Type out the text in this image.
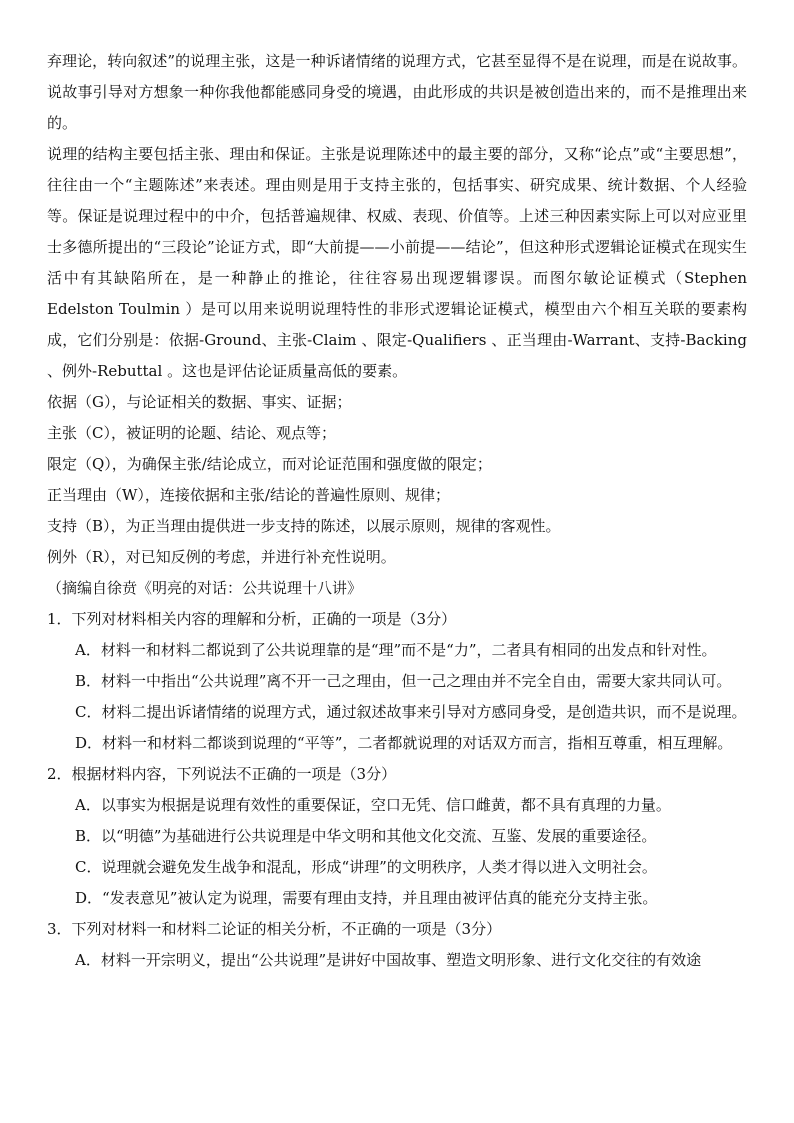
弃理论，转向叙述”的说理主张，这是一种诉诸情绪的说理方式，它甚至显得不是在说理，而是在说故事。说故事引导对方想象一种你我他都能感同身受的境遇，由此形成的共识是被创造出来的，而不是推理出来的。
说理的结构主要包括主张、理由和保证。主张是说理陈述中的最主要的部分，又称“论点”或“主要思想”，往往由一个“主题陈述”来表述。理由则是用于支持主张的，包括事实、研究成果、统计数据、个人经验等。保证是说理过程中的中介，包括普遍规律、权威、表现、价值等。上述三种因素实际上可以对应亚里士多德所提出的“三段论”论证方式，即“大前提——小前提——结论”，但这种形式逻辑论证模式在现实生活中有其缺陷所在，是一种静止的推论，往往容易出现逻辑谬误。而图尔敏论证模式（Stephen Edelston Toulmin ）是可以用来说明说理特性的非形式逻辑论证模式，模型由六个相互关联的要素构成，它们分别是：依据-Ground、主张-Claim 、限定-Qualifiers 、正当理由-Warrant、支持-Backing 、例外-Rebuttal 。这也是评估论证质量高低的要素。
依据（G），与论证相关的数据、事实、证据；
主张（C），被证明的论题、结论、观点等；
限定（Q），为确保主张/结论成立，而对论证范围和强度做的限定；
正当理由（W），连接依据和主张/结论的普遍性原则、规律；
支持（B），为正当理由提供进一步支持的陈述，以展示原则，规律的客观性。
例外（R），对已知反例的考虑，并进行补充性说明。
（摘编自徐贲《明亮的对话：公共说理十八讲》
1．下列对材料相关内容的理解和分析，正确的一项是（3分）
A．材料一和材料二都说到了公共说理靠的是“理”而不是“力”，二者具有相同的出发点和针对性。
B．材料一中指出“公共说理”离不开一己之理由，但一己之理由并不完全自由，需要大家共同认可。
C．材料二提出诉诸情绪的说理方式，通过叙述故事来引导对方感同身受，是创造共识，而不是说理。
D．材料一和材料二都谈到说理的“平等”，二者都就说理的对话双方而言，指相互尊重，相互理解。
2．根据材料内容，下列说法不正确的一项是（3分）
A．以事实为根据是说理有效性的重要保证，空口无凭、信口雌黄，都不具有真理的力量。
B．以“明德”为基础进行公共说理是中华文明和其他文化交流、互鉴、发展的重要途径。
C．说理就会避免发生战争和混乱，形成“讲理”的文明秩序，人类才得以进入文明社会。
D．“发表意见”被认定为说理，需要有理由支持，并且理由被评估真的能充分支持主张。
3．下列对材料一和材料二论证的相关分析，不正确的一项是（3分）
A．材料一开宗明义，提出“公共说理”是讲好中国故事、塑造文明形象、进行文化交往的有效途
